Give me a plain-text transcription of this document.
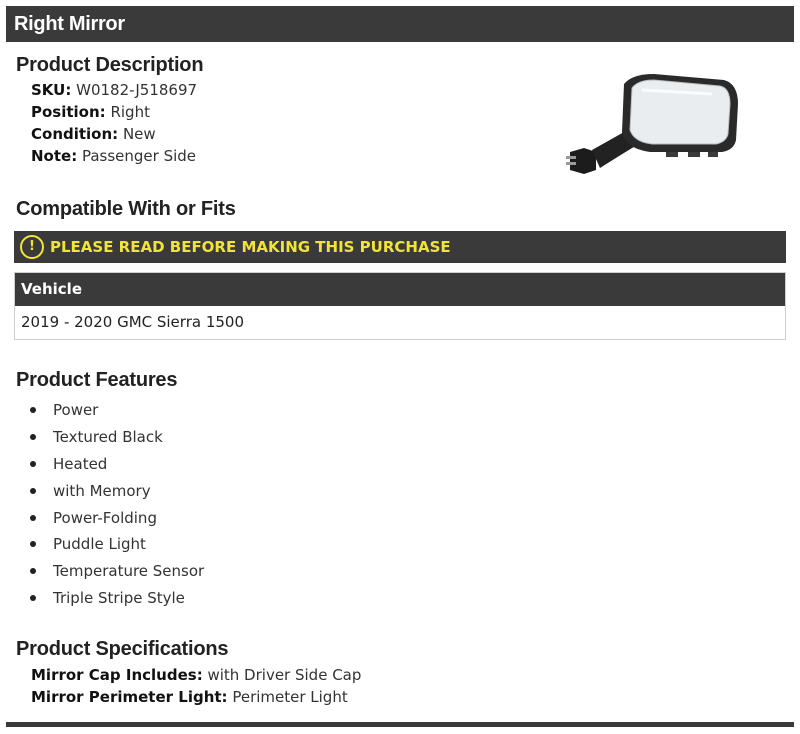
Right Mirror
Product Description
SKU: W0182-J518697
Position: Right
Condition: New
Note: Passenger Side
Compatible With or Fits
!	PLEASE READ BEFORE MAKING THIS PURCHASE
Vehicle
2019 - 2020 GMC Sierra 1500
Product Features
Power
Textured Black
Heated
with Memory
Power-Folding
Puddle Light
Temperature Sensor
Triple Stripe Style
Product Specifications
Mirror Cap Includes: with Driver Side Cap
Mirror Perimeter Light: Perimeter Light
